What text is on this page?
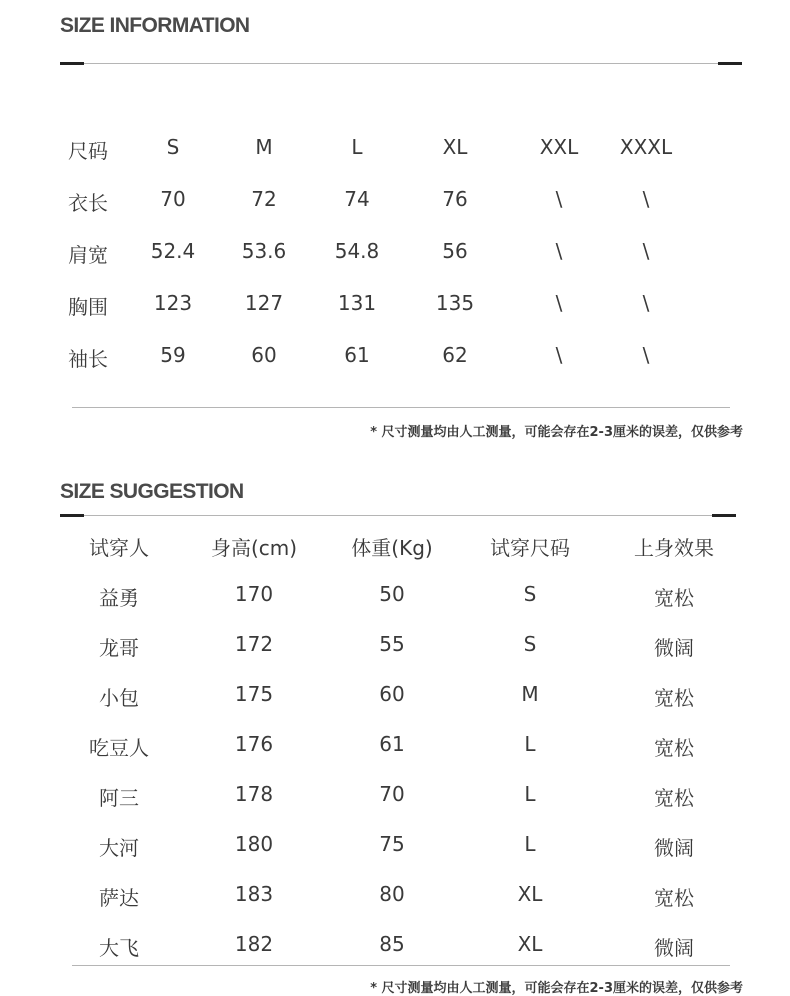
SIZE INFORMATION
尺码	S	M	L	XL	XXL XXXL
衣长	70	72	74	76	\	\
肩宽 52.4 53.6 54.8	56	\	\
胸围 123	127	131	135	\	\
袖长	59	60	61	62	\	\
* 尺寸测量均由人工测量，可能会存在2-3厘米的误差，仅供参考
SIZE SUGGESTION
试穿人	身高(cm)	体重(Kg)	试穿尺码	上身效果
益勇	170	50	S	宽松
龙哥	172	55	S	微阔
小包	175	60	M	宽松
吃豆人	176	61	L	宽松
阿三	178	70	L	宽松
大河	180	75	L	微阔
萨达	183	80	XL	宽松
大飞	182	85	XL	微阔
* 尺寸测量均由人工测量，可能会存在2-3厘米的误差，仅供参考
